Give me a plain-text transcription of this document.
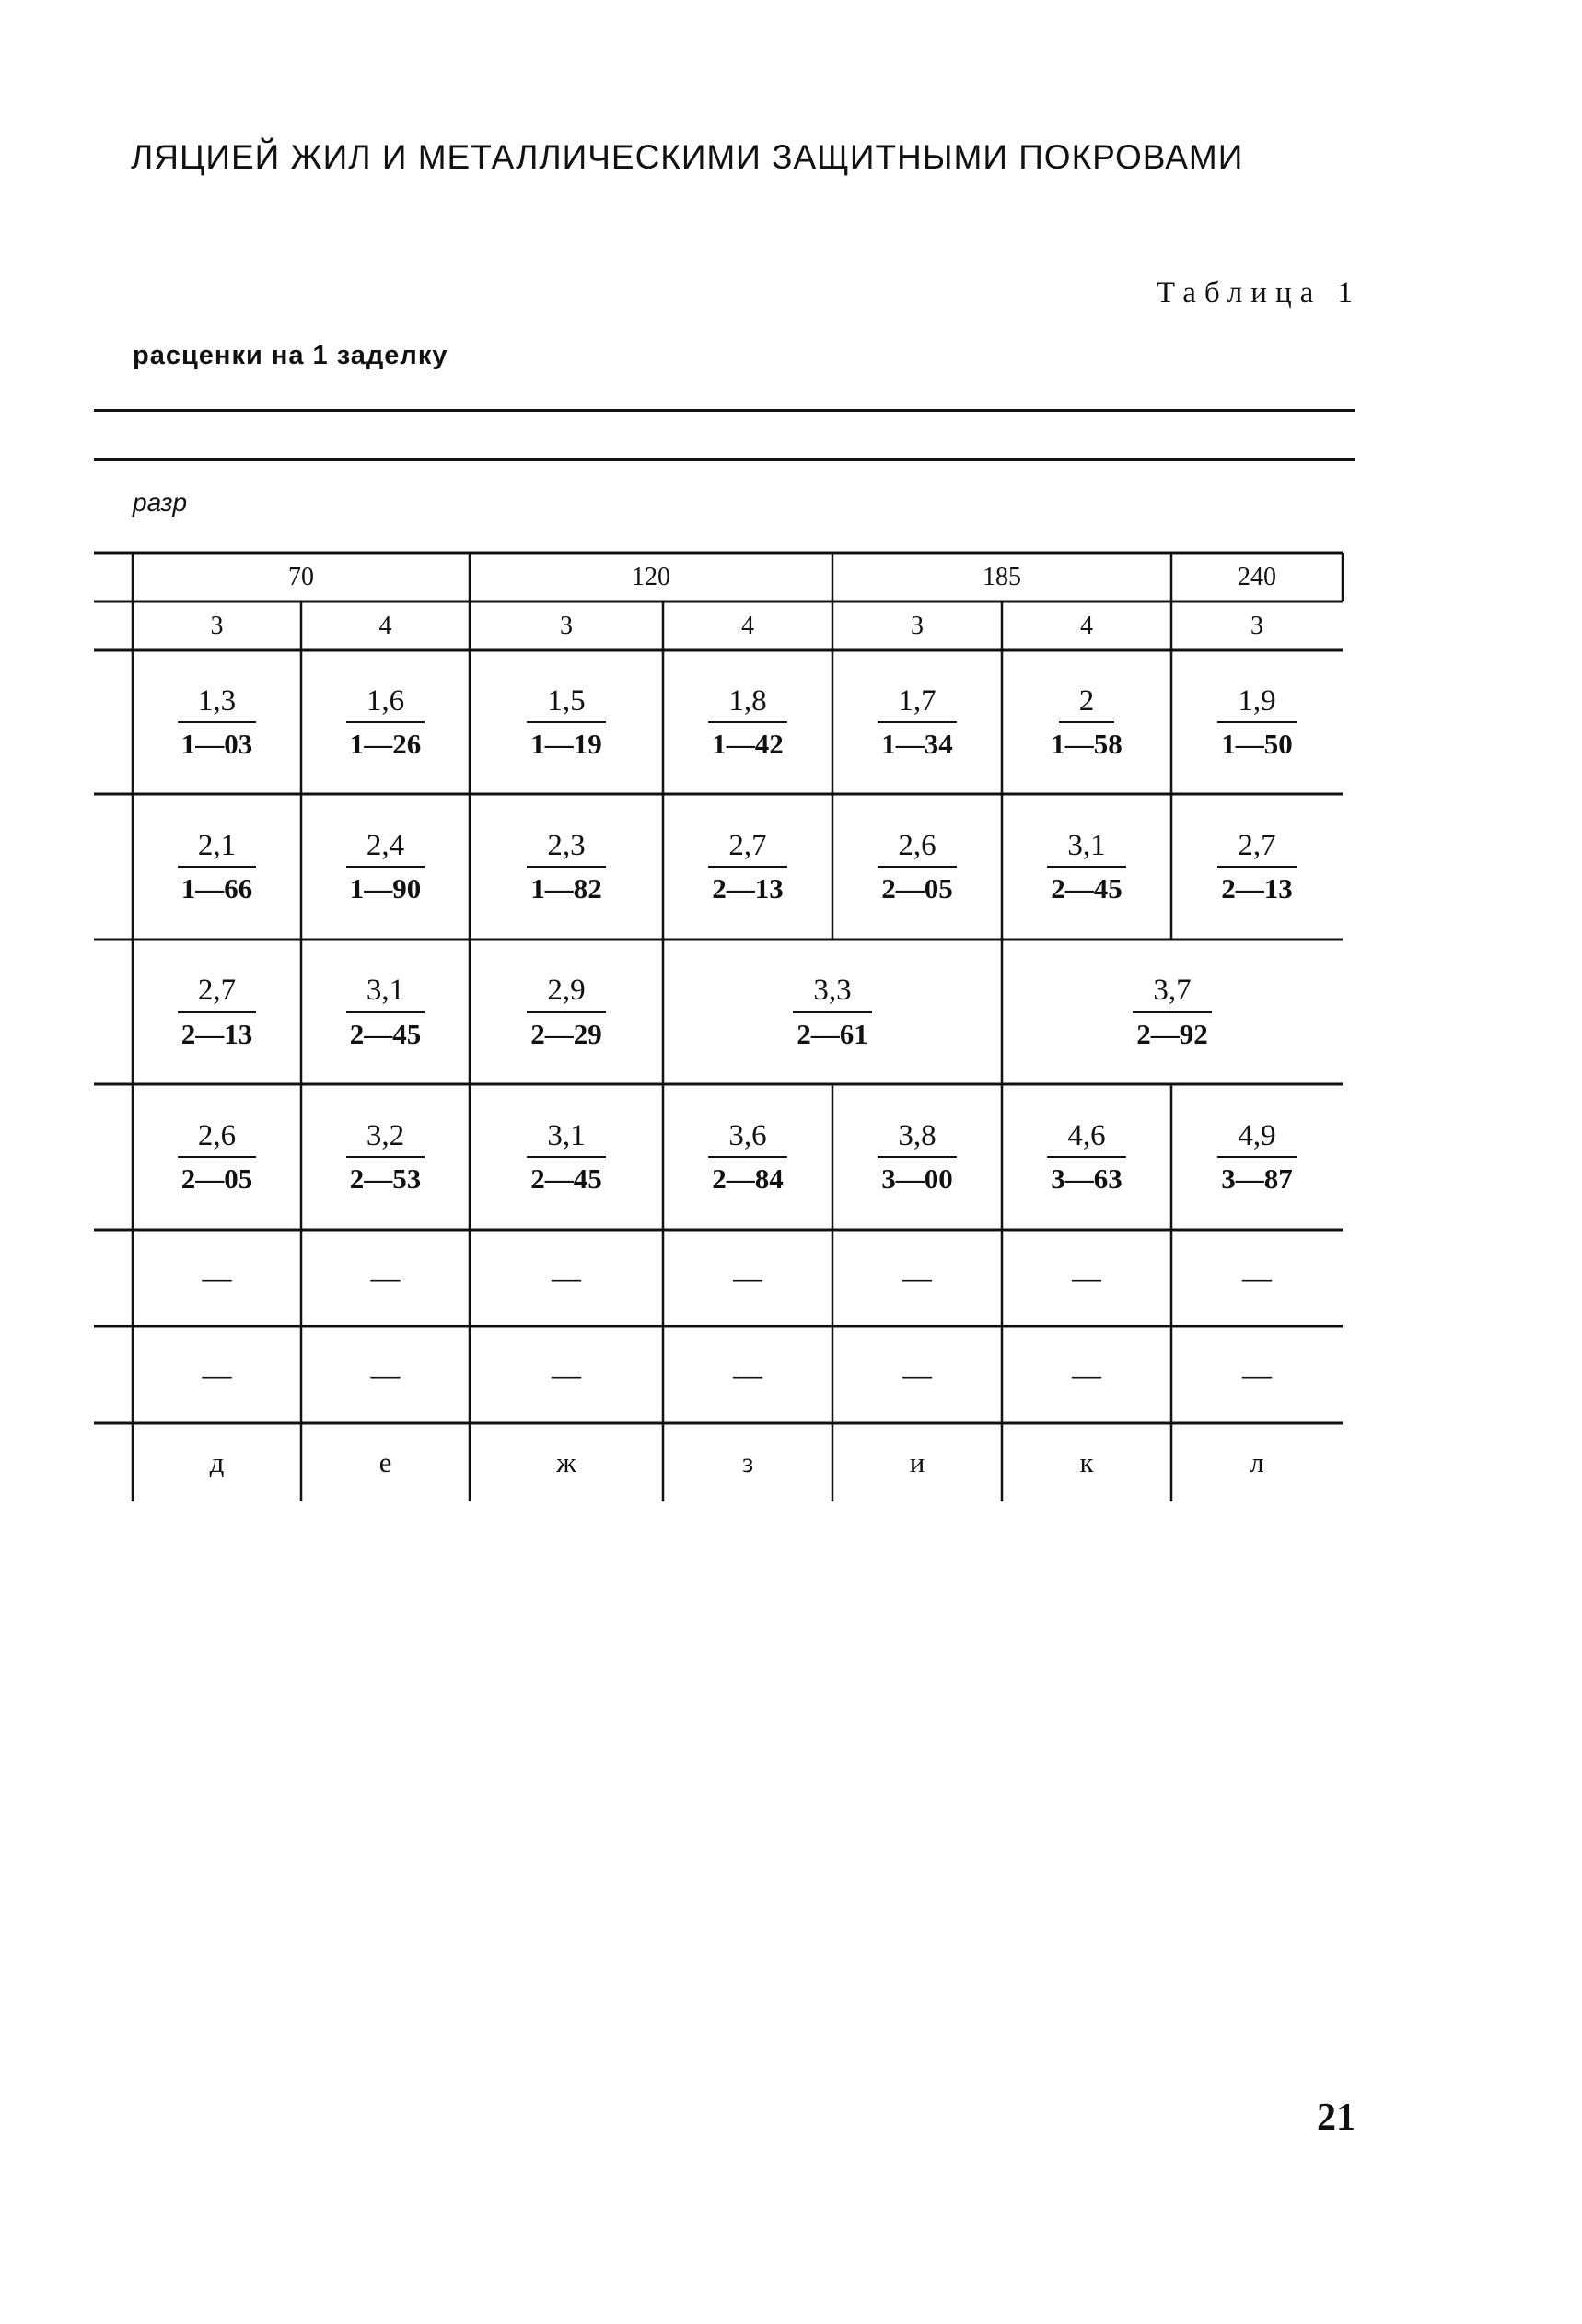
ЛЯЦИЕЙ ЖИЛ И МЕТАЛЛИЧЕСКИМИ ЗАЩИТНЫМИ ПОКРОВАМИ
Таблица 1
расценки на 1 заделку
разр
70	120	185	240
3	4	3	4	3	4	3
$\frac{1,3}{1—03}$	$\frac{1,6}{1—26}$	$\frac{1,5}{1—19}$	$\frac{1,8}{1—42}$	$\frac{1,7}{1—34}$	$\frac{2}{1—58}$	$\frac{1,9}{1—50}$
$\frac{2,1}{1—66}$	$\frac{2,4}{1—90}$	$\frac{2,3}{1—82}$	$\frac{2,7}{2—13}$	$\frac{2,6}{2—05}$	$\frac{3,1}{2—45}$	$\frac{2,7}{2—13}$
$\frac{2,7}{2—13}$	$\frac{3,1}{2—45}$	$\frac{2,9}{2—29}$	$\frac{3,3}{2—61}$	$\frac{3,7}{2—92}$
$\frac{2,6}{2—05}$	$\frac{3,2}{2—53}$	$\frac{3,1}{2—45}$	$\frac{3,6}{2—84}$	$\frac{3,8}{3—00}$	$\frac{4,6}{3—63}$	$\frac{4,9}{3—87}$
—	—	—	—	—	—	—
—	—	—	—	—	—	—
д	е	ж	з	и	к	л
21
